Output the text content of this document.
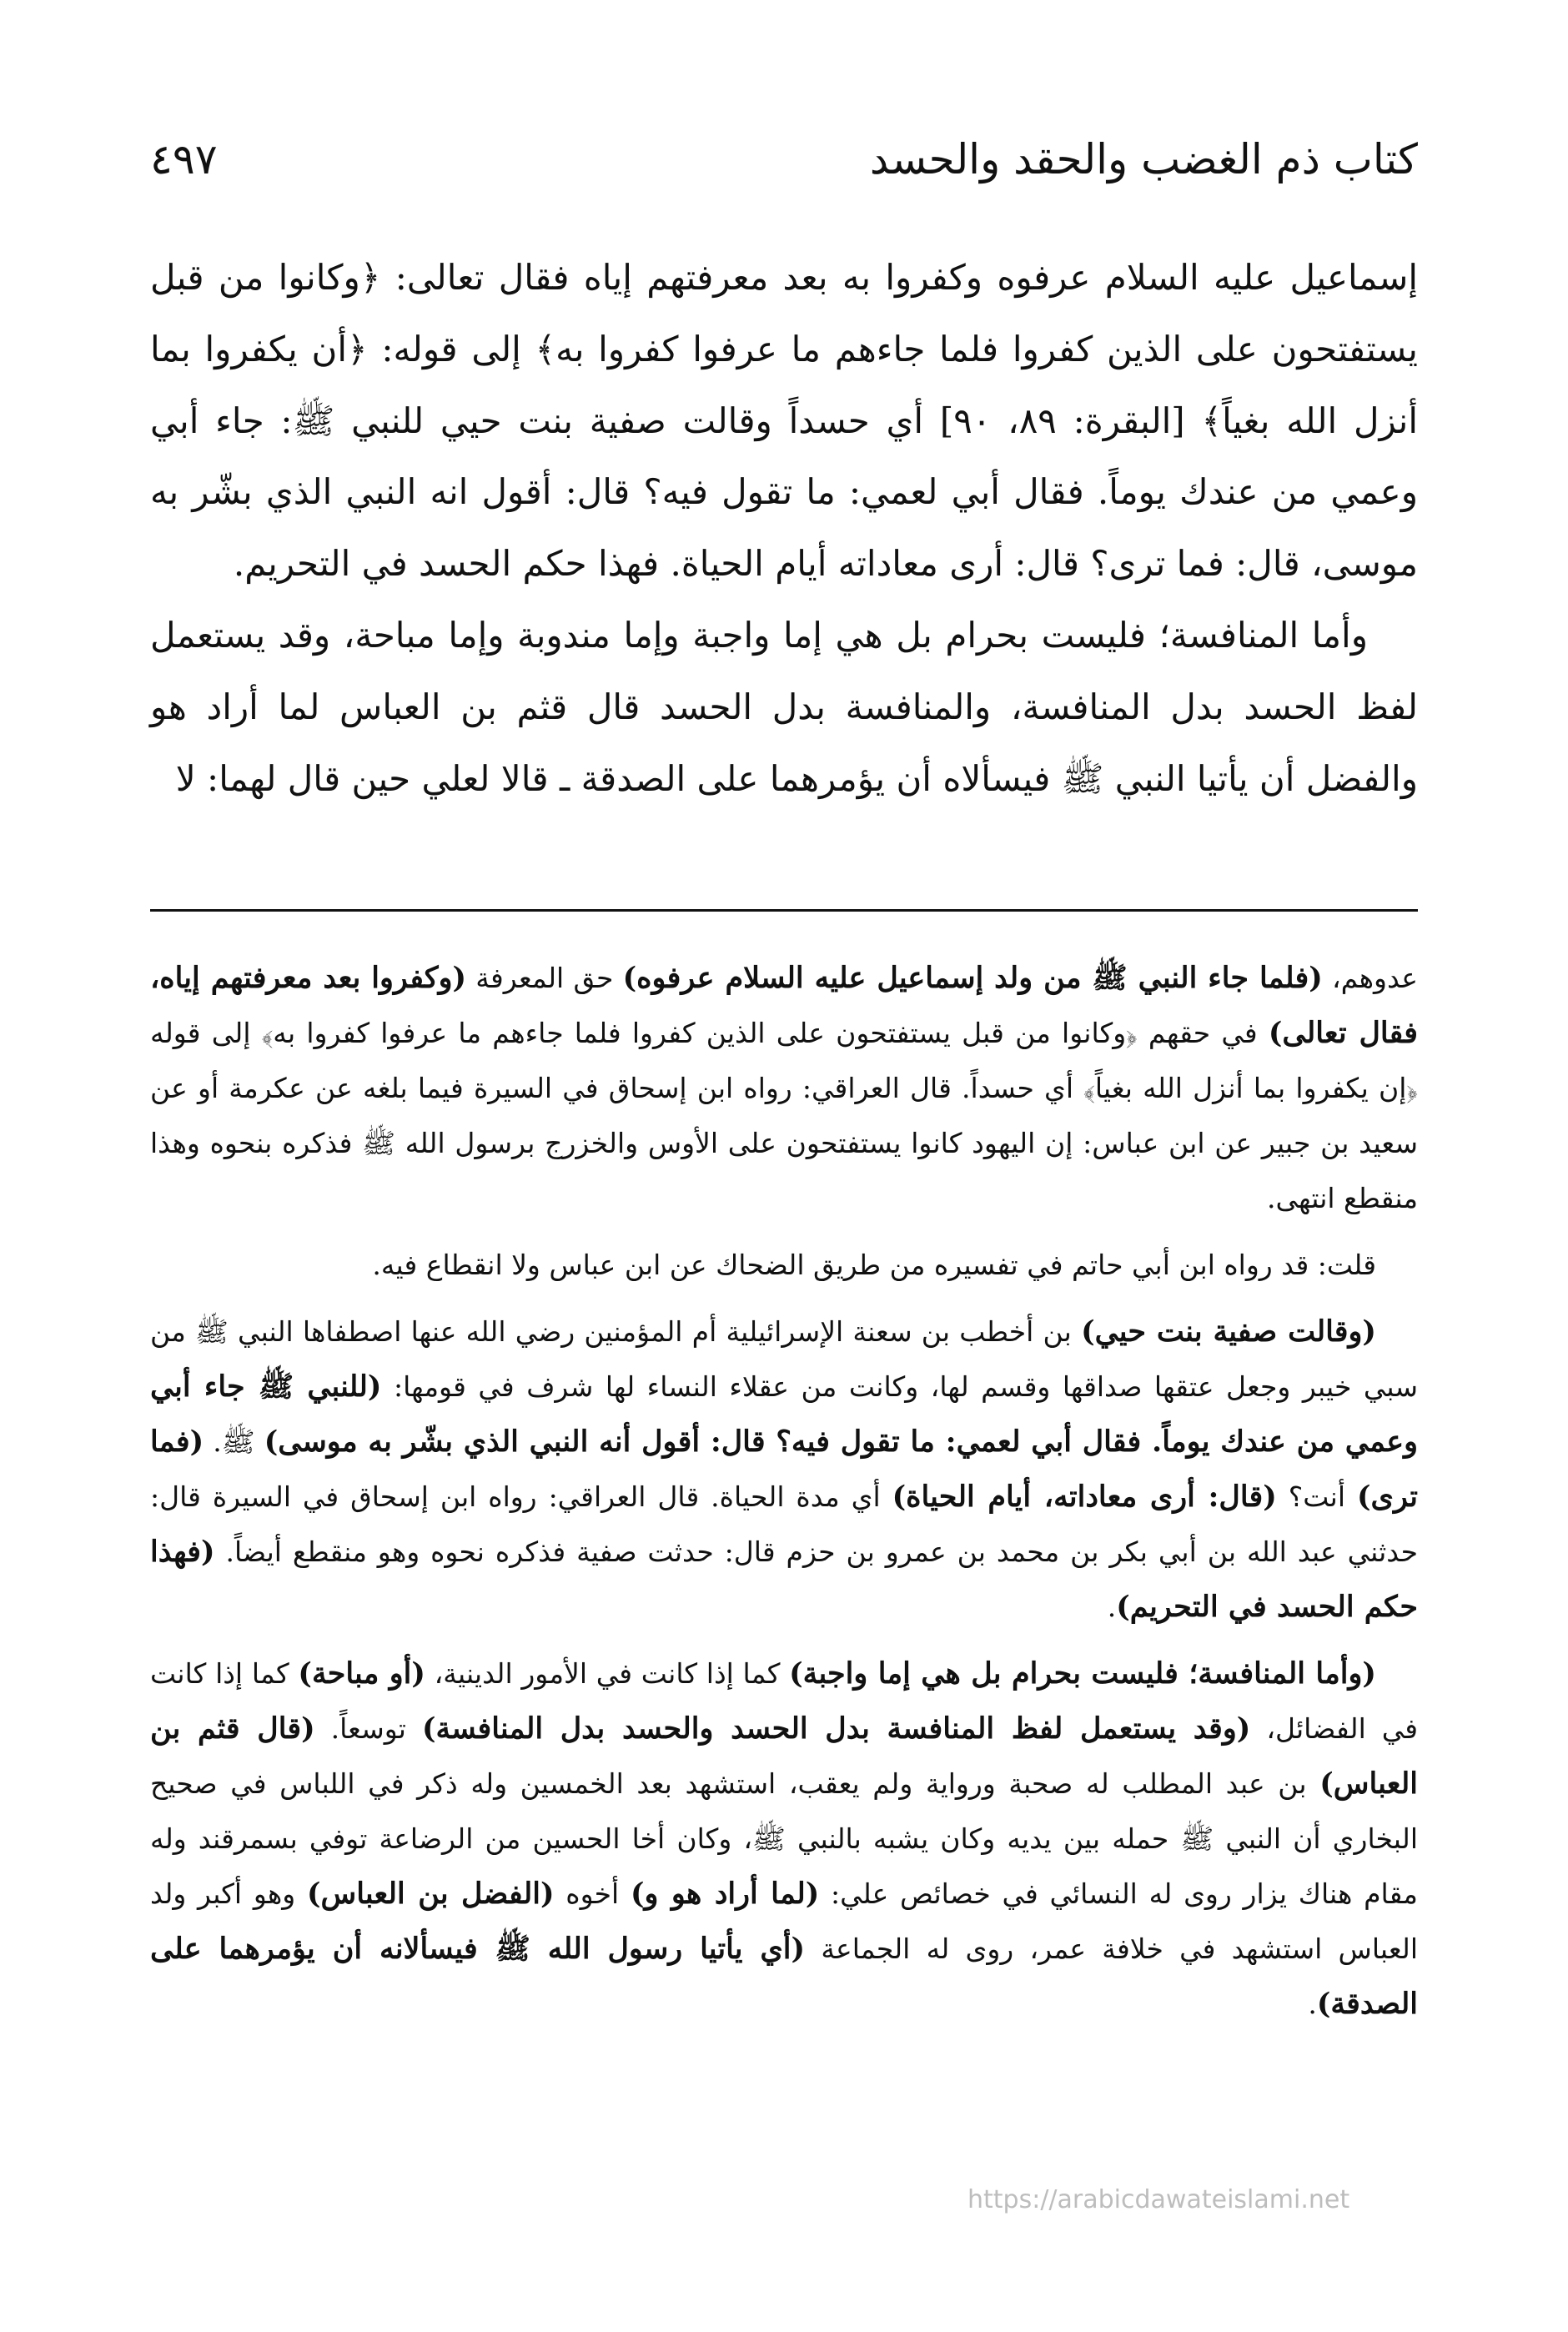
٤٩٧	كتاب ذم الغضب والحقد والحسد

إسماعيل عليه السلام عرفوه وكفروا به بعد معرفتهم إياه فقال تعالى: ﴿وكانوا من قبل يستفتحون على الذين كفروا فلما جاءهم ما عرفوا كفروا به﴾ إلى قوله: ﴿أن يكفروا بما أنزل الله بغياً﴾ [البقرة: ٨٩، ٩٠] أي حسداً وقالت صفية بنت حيي للنبي ﷺ: جاء أبي وعمي من عندك يوماً. فقال أبي لعمي: ما تقول فيه؟ قال: أقول انه النبي الذي بشّر به موسى، قال: فما ترى؟ قال: أرى معاداته أيام الحياة. فهذا حكم الحسد في التحريم.

وأما المنافسة؛ فليست بحرام بل هي إما واجبة وإما مندوبة وإما مباحة، وقد يستعمل لفظ الحسد بدل المنافسة، والمنافسة بدل الحسد قال قثم بن العباس لما أراد هو والفضل أن يأتيا النبي ﷺ فيسألاه أن يؤمرهما على الصدقة ـ قالا لعلي حين قال لهما: لا

عدوهم، (فلما جاء النبي ﷺ من ولد إسماعيل عليه السلام عرفوه) حق المعرفة (وكفروا بعد معرفتهم إياه، فقال تعالى) في حقهم ﴿وكانوا من قبل يستفتحون على الذين كفروا فلما جاءهم ما عرفوا كفروا به﴾ إلى قوله ﴿إن يكفروا بما أنزل الله بغياً﴾ أي حسداً. قال العراقي: رواه ابن إسحاق في السيرة فيما بلغه عن عكرمة أو عن سعيد بن جبير عن ابن عباس: إن اليهود كانوا يستفتحون على الأوس والخزرج برسول الله ﷺ فذكره بنحوه وهذا منقطع انتهى.

قلت: قد رواه ابن أبي حاتم في تفسيره من طريق الضحاك عن ابن عباس ولا انقطاع فيه.

(وقالت صفية بنت حيي) بن أخطب بن سعنة الإسرائيلية أم المؤمنين رضي الله عنها اصطفاها النبي ﷺ من سبي خيبر وجعل عتقها صداقها وقسم لها، وكانت من عقلاء النساء لها شرف في قومها: (للنبي ﷺ جاء أبي وعمي من عندك يوماً. فقال أبي لعمي: ما تقول فيه؟ قال: أقول أنه النبي الذي بشّر به موسى) ﷺ. (فما ترى) أنت؟ (قال: أرى معاداته، أيام الحياة) أي مدة الحياة. قال العراقي: رواه ابن إسحاق في السيرة قال: حدثني عبد الله بن أبي بكر بن محمد بن عمرو بن حزم قال: حدثت صفية فذكره نحوه وهو منقطع أيضاً. (فهذا حكم الحسد في التحريم).

(وأما المنافسة؛ فليست بحرام بل هي إما واجبة) كما إذا كانت في الأمور الدينية، (أو مباحة) كما إذا كانت في الفضائل، (وقد يستعمل لفظ المنافسة بدل الحسد والحسد بدل المنافسة) توسعاً. (قال قثم بن العباس) بن عبد المطلب له صحبة ورواية ولم يعقب، استشهد بعد الخمسين وله ذكر في اللباس في صحيح البخاري أن النبي ﷺ حمله بين يديه وكان يشبه بالنبي ﷺ، وكان أخا الحسين من الرضاعة توفي بسمرقند وله مقام هناك يزار روى له النسائي في خصائص علي: (لما أراد هو و) أخوه (الفضل بن العباس) وهو أكبر ولد العباس استشهد في خلافة عمر، روى له الجماعة (أي يأتيا رسول الله ﷺ فيسألانه أن يؤمرهما على الصدقة).

https://arabicdawateislami.net
